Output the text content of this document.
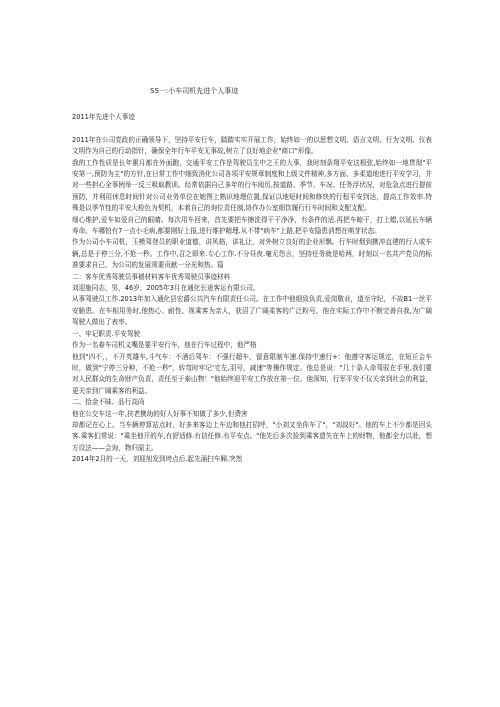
SS一:小车司机先进个人事迹

2011年先进个人事迹

2011年在公司党政的正确领导下，坚持平安行车，踏踏实实开展工作，始终如一的以思想文明、语言文明、行为文明、仪表文明作为自己的行动指针，确保全年行车平安无事故,树立了良好地企业"商口"形像。

我的工作性质是长年累月都在外面跑，交通平安工作是驾驶员生中之王的大事，我时刻条翔平安这根弦,始终如一地贯彻"平安第一,预防为主"的方针,在日常工作中细致消化公司各项平安规章制度和上级文件精神,多方面、多柔道地进行平安学习，并对一些担心全事例举一反三吸取教训。经常依据自己多年的行车阅历,按道路、季节、车况、任务浮状况，对危急点进行提前预防，并利用休息时间针对公司业务单位在她图上熟识地理位置,保证以地短时间和修快的行程平安到达，提高工作效率.特殊是以季节性的平安大检色为契机，本着自己的询位责任制,协作办公室细饮履行行车时间和支配支配。

细心维护,爱车如爱自己的眼睛。每次用车回来，首先要把车擦洗得干干净净，有条件的适.再把车晾干，打上蜡,以延长车辆寿命。车哪怕有7一点小毛病,都要刚好上报,进行维护精理.从不带"病车"上路,把平安隐患消想在萌芽状态。

作为公司小车司机，玉模驾登员的职业道德，讲风格，讲礼让，对外树立良好的企业形飘。行车时烟到携冲直建的行人或车辆,总是于停三分,不抢一秒。工作中,召之即来.专心工作.不分昼夜.毫无怨言，坚持任务就是哈两，时刻以一名共产党员的标准要求自己，为公司的发展须要贡献一分光和热。篇

二：客车优秀驾驶员事褪材料客车优秀驾驶员事迹材料

刘迎施同志，男，46岁，2005年3月在通化长途客运有限公司,

从事驾驶员工作.2013年加入通化县宏爵公共汽车有限责任公司。在工作中他细致负责,爱岗敬业，道至守纪，不故B1一丝平安脆患。在车相用务时,他热心、耐性、视乘客为亲人，获沼了广阔柔客的广泛粉号。他在实际工作中不断完善自我,为广阔驾驶人做出了表率。

一、牢记职责.平安驾驶

作为一名春车司机义嘴是要平安行车，他在行车过程中，他严格

他到"四不，，不开英雄车,斗气车：不酒后驾车：不强行超车，留意限制车速.保持中速行+：他遵守客运规定，在短丘会车时，做到"宁停三分种，不抢一秒"，转弯时牢记'宅左,羽号，减速"等操作规定。他总是说："几十条人命驾驭在手里,我们要对人民群众的生命财产负责，责任至于泰山物！"他始终迎平安工作放在第一位。他深知，行军平安不仅关亲到社会的利益，更关亲到广阔乘客的利益。

二、拾金不昧、品行高尚

他在公交车这一年,扶老携幼的好人好事不知做了多少,但费害

却都记在心上。当车辆停算站点时，好多来客边上车边和他打招呼，"小刘又坐你车了"，"刘叔好"。他的车上不少都是回头客.乘客们常说："乘坐他开的车,有舒适修.有信任修.有平安点。"他先后多次捡到乘客遗失在车上的财物，他都全力以赴，想方设法——会询，物归原主。

2014年2月的一天，刘迎旭发到垮点后.起先涌扫车厢.突然
